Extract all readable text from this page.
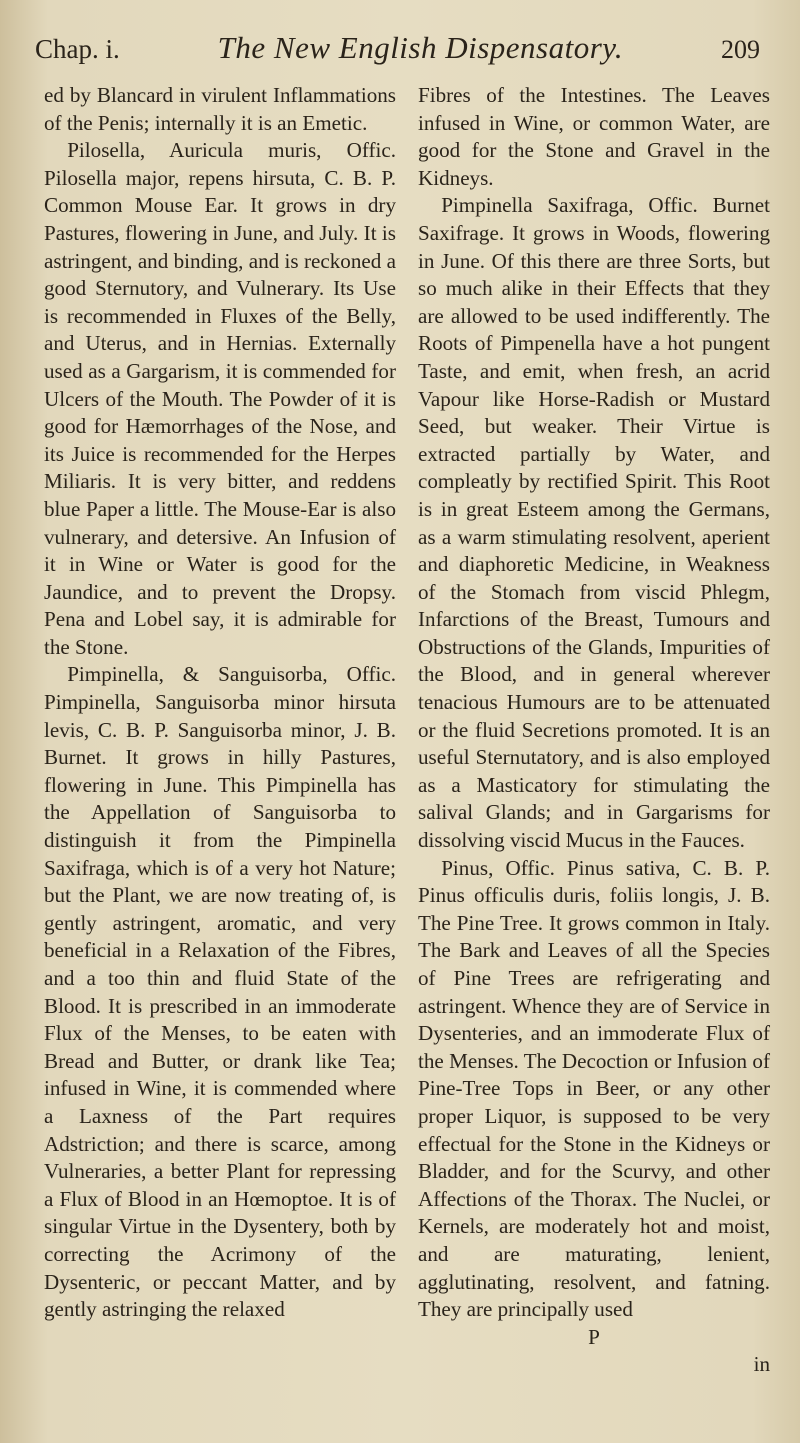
Chap. i.	The New English Dispensatory.	209

ed by Blancard in virulent Inflammations of the Penis; internally it is an Emetic.

Pilosella, Auricula muris, Offic. Pilosella major, repens hirsuta, C. B. P. Common Mouse Ear. It grows in dry Pastures, flowering in June, and July. It is astringent, and binding, and is reckoned a good Sternutory, and Vulnerary. Its Use is recommended in Fluxes of the Belly, and Uterus, and in Hernias. Externally used as a Gargarism, it is commended for Ulcers of the Mouth. The Powder of it is good for Hæmorrhages of the Nose, and its Juice is recommended for the Herpes Miliaris. It is very bitter, and reddens blue Paper a little. The Mouse-Ear is also vulnerary, and detersive. An Infusion of it in Wine or Water is good for the Jaundice, and to prevent the Dropsy. Pena and Lobel say, it is admirable for the Stone.

Pimpinella, & Sanguisorba, Offic. Pimpinella, Sanguisorba minor hirsuta levis, C. B. P. Sanguisorba minor, J. B. Burnet. It grows in hilly Pastures, flowering in June. This Pimpinella has the Appellation of Sanguisorba to distinguish it from the Pimpinella Saxifraga, which is of a very hot Nature; but the Plant, we are now treating of, is gently astringent, aromatic, and very beneficial in a Relaxation of the Fibres, and a too thin and fluid State of the Blood. It is prescribed in an immoderate Flux of the Menses, to be eaten with Bread and Butter, or drank like Tea; infused in Wine, it is commended where a Laxness of the Part requires Adstriction; and there is scarce, among Vulneraries, a better Plant for repressing a Flux of Blood in an Hœmoptoe. It is of singular Virtue in the Dysentery, both by correcting the Acrimony of the Dysenteric, or peccant Matter, and by gently astringing the relaxed

Fibres of the Intestines. The Leaves infused in Wine, or common Water, are good for the Stone and Gravel in the Kidneys.

Pimpinella Saxifraga, Offic. Burnet Saxifrage. It grows in Woods, flowering in June. Of this there are three Sorts, but so much alike in their Effects that they are allowed to be used indifferently. The Roots of Pimpenella have a hot pungent Taste, and emit, when fresh, an acrid Vapour like Horse-Radish or Mustard Seed, but weaker. Their Virtue is extracted partially by Water, and compleatly by rectified Spirit. This Root is in great Esteem among the Germans, as a warm stimulating resolvent, aperient and diaphoretic Medicine, in Weakness of the Stomach from viscid Phlegm, Infarctions of the Breast, Tumours and Obstructions of the Glands, Impurities of the Blood, and in general wherever tenacious Humours are to be attenuated or the fluid Secretions promoted. It is an useful Sternutatory, and is also employed as a Masticatory for stimulating the salival Glands; and in Gargarisms for dissolving viscid Mucus in the Fauces.

Pinus, Offic. Pinus sativa, C. B. P. Pinus officulis duris, foliis longis, J. B. The Pine Tree. It grows common in Italy. The Bark and Leaves of all the Species of Pine Trees are refrigerating and astringent. Whence they are of Service in Dysenteries, and an immoderate Flux of the Menses. The Decoction or Infusion of Pine-Tree Tops in Beer, or any other proper Liquor, is supposed to be very effectual for the Stone in the Kidneys or Bladder, and for the Scurvy, and other Affections of the Thorax. The Nuclei, or Kernels, are moderately hot and moist, and are maturating, lenient, agglutinating, resolvent, and fatning. They are principally used

P

in
